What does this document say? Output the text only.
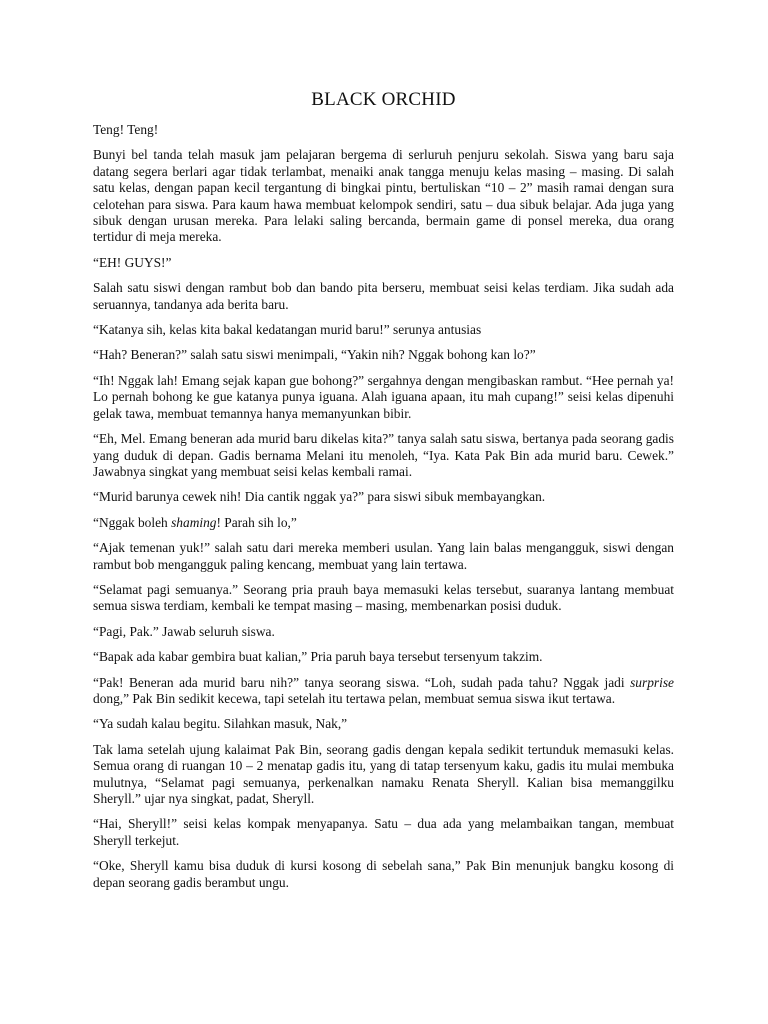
BLACK ORCHID

Teng! Teng!

Bunyi bel tanda telah masuk jam pelajaran bergema di serluruh penjuru sekolah. Siswa yang baru saja datang segera berlari agar tidak terlambat, menaiki anak tangga menuju kelas masing – masing. Di salah satu kelas, dengan papan kecil tergantung di bingkai pintu, bertuliskan “10 – 2” masih ramai dengan sura celotehan para siswa. Para kaum hawa membuat kelompok sendiri, satu – dua sibuk belajar. Ada juga yang sibuk dengan urusan mereka. Para lelaki saling bercanda, bermain game di ponsel mereka, dua orang tertidur di meja mereka.

“EH! GUYS!”

Salah satu siswi dengan rambut bob dan bando pita berseru, membuat seisi kelas terdiam. Jika sudah ada seruannya, tandanya ada berita baru.

“Katanya sih, kelas kita bakal kedatangan murid baru!” serunya antusias

“Hah? Beneran?” salah satu siswi menimpali, “Yakin nih? Nggak bohong kan lo?”

“Ih! Nggak lah! Emang sejak kapan gue bohong?” sergahnya dengan mengibaskan rambut. “Hee pernah ya! Lo pernah bohong ke gue katanya punya iguana. Alah iguana apaan, itu mah cupang!” seisi kelas dipenuhi gelak tawa, membuat temannya hanya memanyunkan bibir.

“Eh, Mel. Emang beneran ada murid baru dikelas kita?” tanya salah satu siswa, bertanya pada seorang gadis yang duduk di depan. Gadis bernama Melani itu menoleh, “Iya. Kata Pak Bin ada murid baru. Cewek.” Jawabnya singkat yang membuat seisi kelas kembali ramai.

“Murid barunya cewek nih! Dia cantik nggak ya?” para siswi sibuk membayangkan.

“Nggak boleh shaming! Parah sih lo,”

“Ajak temenan yuk!” salah satu dari mereka memberi usulan. Yang lain balas mengangguk, siswi dengan rambut bob mengangguk paling kencang, membuat yang lain tertawa.

“Selamat pagi semuanya.” Seorang pria prauh baya memasuki kelas tersebut, suaranya lantang membuat semua siswa terdiam, kembali ke tempat masing – masing, membenarkan posisi duduk.

“Pagi, Pak.” Jawab seluruh siswa.

“Bapak ada kabar gembira buat kalian,” Pria paruh baya tersebut tersenyum takzim.

“Pak! Beneran ada murid baru nih?” tanya seorang siswa. “Loh, sudah pada tahu? Nggak jadi surprise dong,” Pak Bin sedikit kecewa, tapi setelah itu tertawa pelan, membuat semua siswa ikut tertawa.

“Ya sudah kalau begitu. Silahkan masuk, Nak,”

Tak lama setelah ujung kalaimat Pak Bin, seorang gadis dengan kepala sedikit tertunduk memasuki kelas. Semua orang di ruangan 10 – 2 menatap gadis itu, yang di tatap tersenyum kaku, gadis itu mulai membuka mulutnya, “Selamat pagi semuanya, perkenalkan namaku Renata Sheryll. Kalian bisa memanggilku Sheryll.” ujar nya singkat, padat, Sheryll.

“Hai, Sheryll!” seisi kelas kompak menyapanya. Satu – dua ada yang melambaikan tangan, membuat Sheryll terkejut.

“Oke, Sheryll kamu bisa duduk di kursi kosong di sebelah sana,” Pak Bin menunjuk bangku kosong di depan seorang gadis berambut ungu.
